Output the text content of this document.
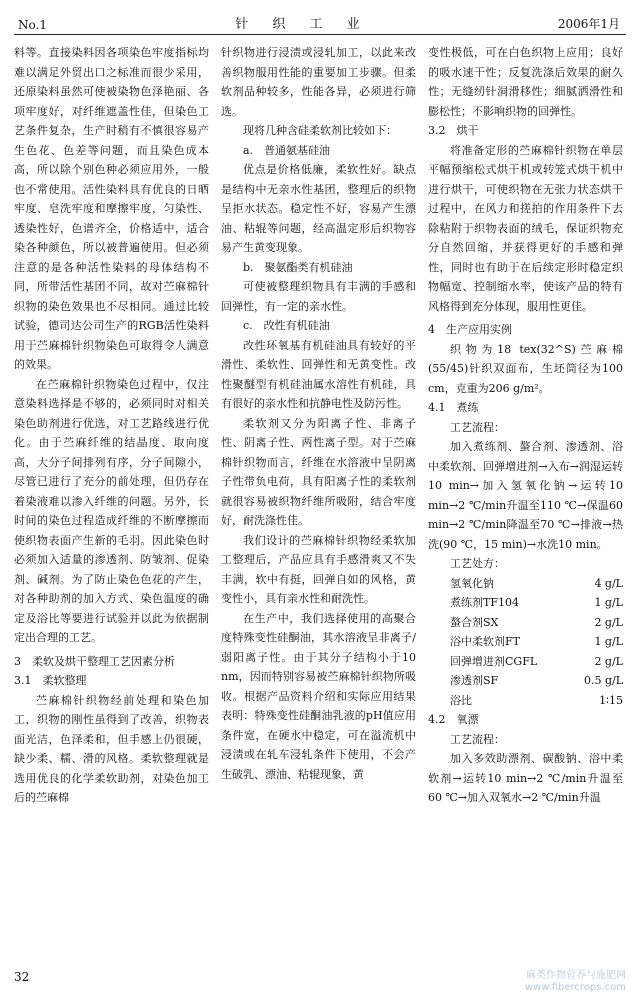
No.1	针 织 工 业	2006年1月

料等。直接染料因各项染色牢度指标均难以满足外贸出口之标准而很少采用，还原染料虽然可使被染物色泽艳丽、各项牢度好，对纤维遮盖性佳，但染色工艺条件复杂，生产时稍有不慎很容易产生色花、色差等问题，而且染色成本高，所以除个别色种必须应用外，一般也不常使用。活性染料具有优良的日晒牢度、皂洗牢度和摩擦牢度，匀染性、透染性好，色谱齐全，价格适中，适合染各种颜色，所以被普遍使用。但必须注意的是各种活性染料的母体结构不同，所带活性基团不同，故对苎麻棉针织物的染色效果也不尽相同。通过比较试验，德司达公司生产的RGB活性染料用于苎麻棉针织物染色可取得令人满意的效果。

在苎麻棉针织物染色过程中，仅注意染料选择是不够的，必须同时对相关染色助剂进行优选，对工艺路线进行优化。由于苎麻纤维的结晶度、取向度高，大分子间排列有序，分子间隙小，尽管已进行了充分的前处理，但仍存在着染液难以渗入纤维的问题。另外，长时间的染色过程造成纤维的不断摩擦而使织物表面产生新的毛羽。因此染色时必须加入适量的渗透剂、防皱剂、促染剂、碱剂。为了防止染色色花的产生，对各种助剂的加入方式、染色温度的确定及浴比等要进行试验并以此为依据制定出合理的工艺。

3　柔软及烘干整理工艺因素分析

3.1　柔软整理

苎麻棉针织物经前处理和染色加工，织物的刚性虽得到了改善，织物表面光洁，色泽柔和，但手感上仍很硬，缺少柔、糯、滑的风格。柔软整理就是选用优良的化学柔软助剂，对染色加工后的苎麻棉

针织物进行浸渍或浸轧加工，以此来改善织物服用性能的重要加工步骤。但柔软剂品种较多，性能各异，必须进行筛选。

现将几种含硅柔软剂比较如下：

a.　普通氨基硅油

优点是价格低廉，柔软性好。缺点是结构中无亲水性基团，整理后的织物呈拒水状态。稳定性不好，容易产生漂油、粘辊等问题，经高温定形后织物容易产生黄变现象。

b.　聚氨酯类有机硅油

可使被整理织物具有丰满的手感和回弹性，有一定的亲水性。

c.　改性有机硅油

改性环氧基有机硅油具有较好的平滑性、柔软性、回弹性和无黄变性。改性聚醚型有机硅油属水溶性有机硅，具有很好的亲水性和抗静电性及防污性。

柔软剂又分为阳离子性、非离子性、阴离子性、两性离子型。对于苎麻棉针织物而言，纤维在水溶液中呈阴离子性带负电荷，具有阳离子性的柔软剂就很容易被织物纤维所吸附，结合牢度好，耐洗涤性佳。

我们设计的苎麻棉针织物经柔软加工整理后，产品应具有手感滑爽又不失丰满，软中有挺，回弹自如的风格，黄变性小，具有亲水性和耐洗性。

在生产中，我们选择使用的高聚合度特殊变性硅酮油，其水溶液呈非离子/弱阳离子性。由于其分子结构小于10 nm，因而特别容易被苎麻棉针织物所吸收。根据产品资料介绍和实际应用结果表明：特殊变性硅酮油乳液的pH值应用条件宽，在硬水中稳定，可在溢流机中浸渍或在轧车浸轧条件下使用，不会产生破乳、漂油、粘辊现象，黄

变性极低，可在白色织物上应用；良好的吸水速干性；反复洗涤后效果的耐久性；无缝纫针洞滑移性；细腻洒滑性和膨松性；不影响织物的回弹性。

3.2　烘干

将准备定形的苎麻棉针织物在单层平幅预缩松式烘干机或转笼式烘干机中进行烘干，可使织物在无张力状态烘干过程中，在风力和搓拍的作用条件下去除粘附于织物表面的绒毛，保证织物充分自然回缩，并获得更好的手感和弹性，同时也有助于在后续定形时稳定织物幅宽、控制缩水率，使该产品的特有风格得到充分体现，服用性更佳。

4　生产应用实例

织物为18 tex(32^S)苎麻棉(55/45)针织双面布，生坯筒径为100 cm，克重为206 g/m²。

4.1　煮练

工艺流程：

加入煮练剂、螯合剂、渗透剂、浴中柔软剂、回弹增进剂→入布→润湿运转10 min→加入氢氧化钠→运转10 min→2 ℃/min升温至110 ℃→保温60 min→2 ℃/min降温至70 ℃→排液→热洗(90 ℃，15 min)→水洗10 min。

工艺处方：

氢氧化钠	4 g/L
煮练剂TF104	1 g/L
螯合剂SX	2 g/L
浴中柔软剂FT	1 g/L
回弹增进剂CGFL	2 g/L
渗透剂SF	0.5 g/L
浴比	1∶15

4.2　氧漂

工艺流程：

加入多效助漂剂、碳酸钠、浴中柔软剂→运转10 min→2 ℃/min升温至60 ℃→加入双氧水→2 ℃/min升温

32	麻类作物营养与施肥网
www.fibercrops.com
